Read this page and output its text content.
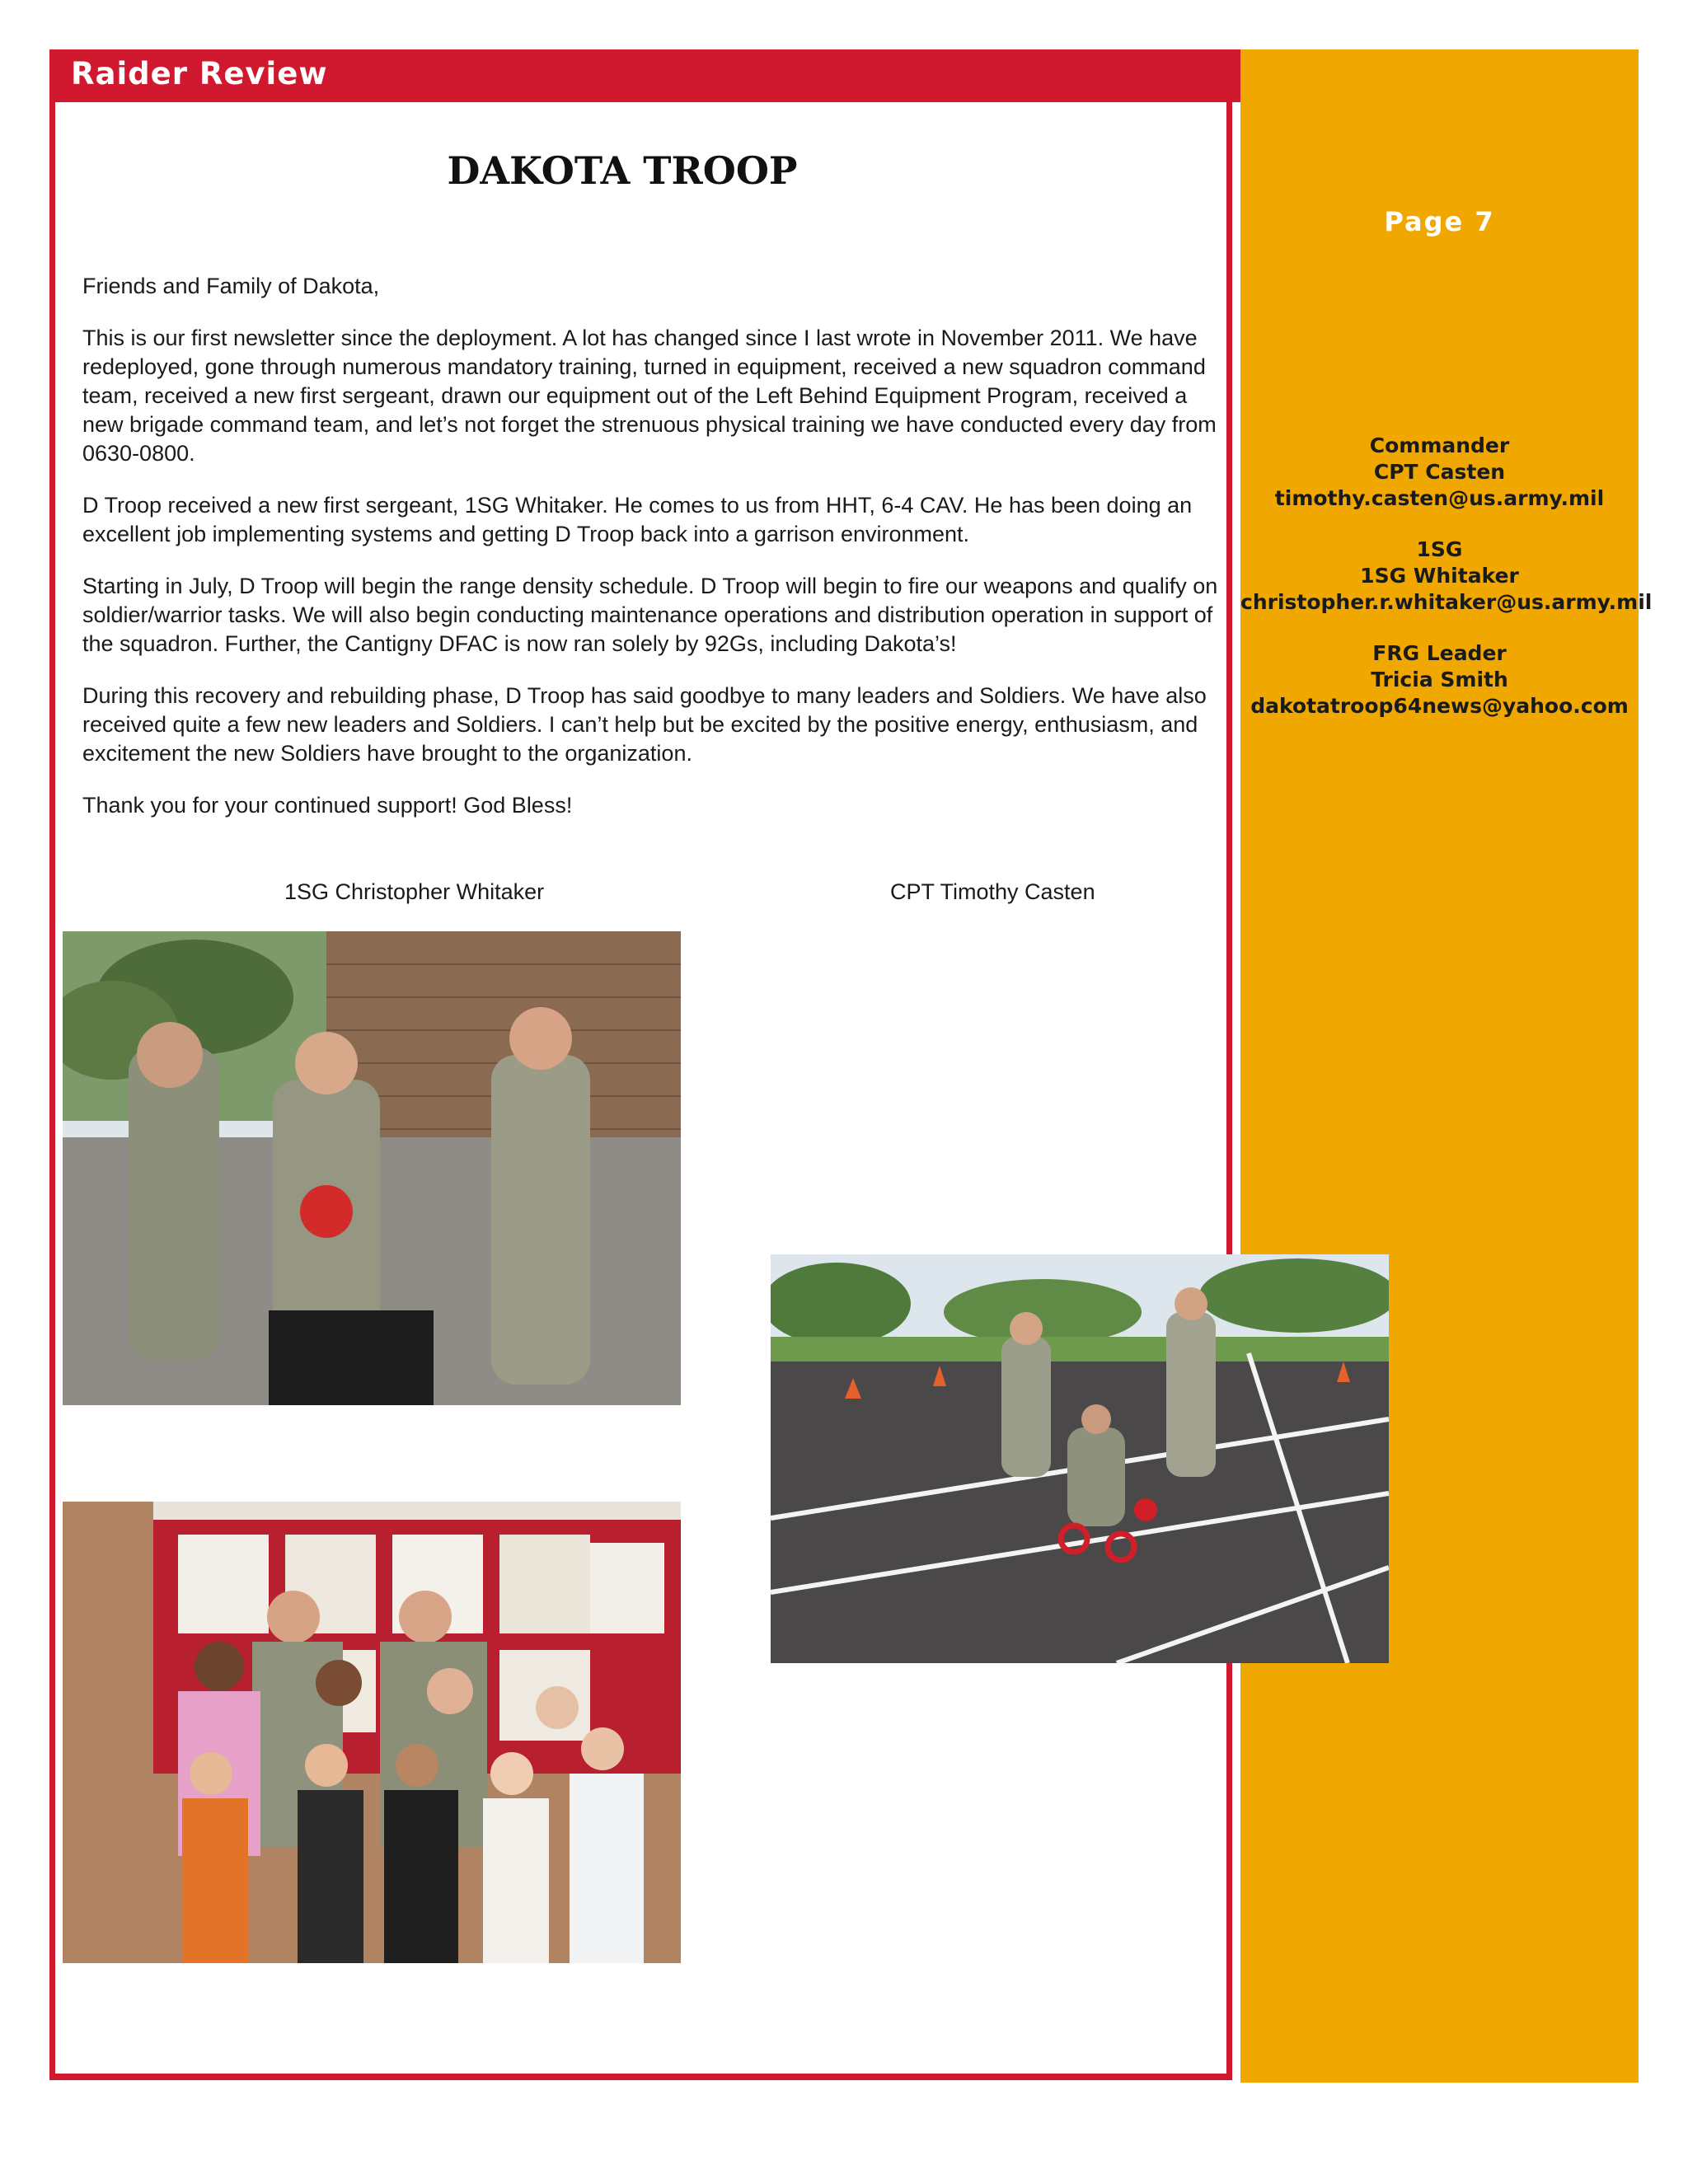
Raider Review
Page 7
Commander
CPT Casten
timothy.casten@us.army.mil
1SG
1SG Whitaker
christopher.r.whitaker@us.army.mil
FRG Leader
Tricia Smith
dakotatroop64news@yahoo.com
DAKOTA TROOP

Friends and Family of Dakota,

This is our first newsletter since the deployment. A lot has changed since I last wrote in November 2011. We have redeployed, gone through numerous mandatory training, turned in equipment, received a new squadron command team, received a new first sergeant, drawn our equipment out of the Left Behind Equipment Program, received a new brigade command team, and let’s not forget the strenuous physical training we have conducted every day from 0630-0800.

D Troop received a new first sergeant, 1SG Whitaker. He comes to us from HHT, 6-4 CAV. He has been doing an excellent job implementing systems and getting D Troop back into a garrison environment.

Starting in July, D Troop will begin the range density schedule. D Troop will begin to fire our weapons and qualify on soldier/warrior tasks. We will also begin conducting maintenance operations and distribution operation in support of the squadron. Further, the Cantigny DFAC is now ran solely by 92Gs, including Dakota’s!

During this recovery and rebuilding phase, D Troop has said goodbye to many leaders and Soldiers. We have also received quite a few new leaders and Soldiers. I can’t help but be excited by the positive energy, enthusiasm, and excitement the new Soldiers have brought to the organization.

Thank you for your continued support! God Bless!

1SG Christopher Whitaker	CPT Timothy Casten
